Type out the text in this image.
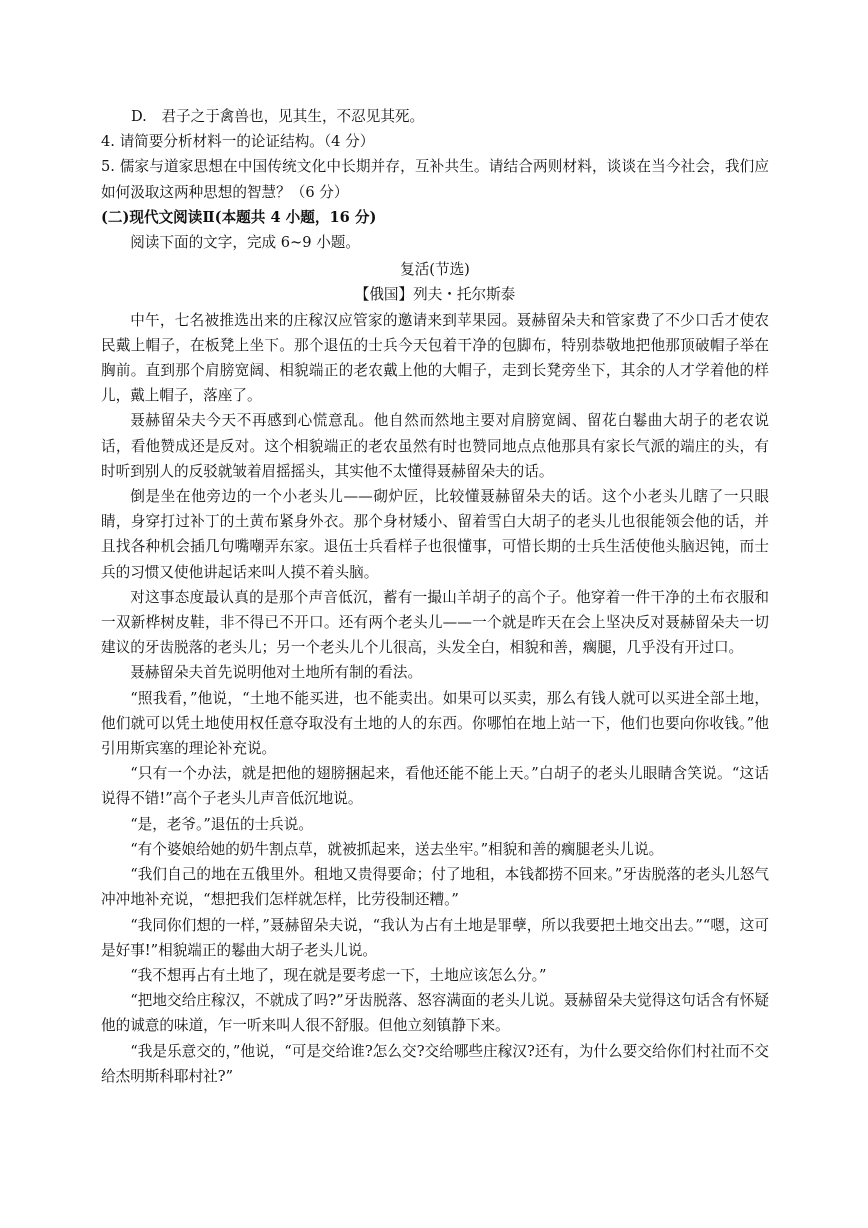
D.　君子之于禽兽也，见其生，不忍见其死。

4. 请简要分析材料一的论证结构。（4 分）

5. 儒家与道家思想在中国传统文化中长期并存，互补共生。请结合两则材料，谈谈在当今社会，我们应如何汲取这两种思想的智慧？（6 分）

(二)现代文阅读Ⅱ(本题共 4 小题，16 分)

阅读下面的文字，完成 6~9 小题。

复活(节选)

【俄国】列夫・托尔斯泰

中午，七名被推选出来的庄稼汉应管家的邀请来到苹果园。聂赫留朵夫和管家费了不少口舌才使农民戴上帽子，在板凳上坐下。那个退伍的士兵今天包着干净的包脚布，特别恭敬地把他那顶破帽子举在胸前。直到那个肩膀宽阔、相貌端正的老农戴上他的大帽子，走到长凳旁坐下，其余的人才学着他的样儿，戴上帽子，落座了。

聂赫留朵夫今天不再感到心慌意乱。他自然而然地主要对肩膀宽阔、留花白鬈曲大胡子的老农说话，看他赞成还是反对。这个相貌端正的老农虽然有时也赞同地点点他那具有家长气派的端庄的头，有时听到别人的反驳就皱着眉摇摇头，其实他不太懂得聂赫留朵夫的话。

倒是坐在他旁边的一个小老头儿——砌炉匠，比较懂聂赫留朵夫的话。这个小老头儿瞎了一只眼睛，身穿打过补丁的土黄布紧身外衣。那个身材矮小、留着雪白大胡子的老头儿也很能领会他的话，并且找各种机会插几句嘴嘲弄东家。退伍士兵看样子也很懂事，可惜长期的士兵生活使他头脑迟钝，而士兵的习惯又使他讲起话来叫人摸不着头脑。

对这事态度最认真的是那个声音低沉，蓄有一撮山羊胡子的高个子。他穿着一件干净的土布衣服和一双新桦树皮鞋，非不得已不开口。还有两个老头儿——一个就是昨天在会上坚决反对聂赫留朵夫一切建议的牙齿脱落的老头儿；另一个老头儿个儿很高，头发全白，相貌和善，瘸腿，几乎没有开过口。

聂赫留朵夫首先说明他对土地所有制的看法。

“照我看，”他说，“土地不能买进，也不能卖出。如果可以买卖，那么有钱人就可以买进全部土地，他们就可以凭土地使用权任意夺取没有土地的人的东西。你哪怕在地上站一下，他们也要向你收钱。”他引用斯宾塞的理论补充说。

“只有一个办法，就是把他的翅膀捆起来，看他还能不能上天。”白胡子的老头儿眼睛含笑说。“这话说得不错!”高个子老头儿声音低沉地说。

“是，老爷。”退伍的士兵说。

“有个婆娘给她的奶牛割点草，就被抓起来，送去坐牢。”相貌和善的瘸腿老头儿说。

“我们自己的地在五俄里外。租地又贵得要命；付了地租，本钱都捞不回来。”牙齿脱落的老头儿怒气冲冲地补充说，“想把我们怎样就怎样，比劳役制还糟。”

“我同你们想的一样，”聂赫留朵夫说，“我认为占有土地是罪孽，所以我要把土地交出去。”“嗯，这可是好事!”相貌端正的鬈曲大胡子老头儿说。

“我不想再占有土地了，现在就是要考虑一下，土地应该怎么分。”

“把地交给庄稼汉，不就成了吗?”牙齿脱落、怒容满面的老头儿说。聂赫留朵夫觉得这句话含有怀疑他的诚意的味道，乍一听来叫人很不舒服。但他立刻镇静下来。

“我是乐意交的，”他说，“可是交给谁?怎么交?交给哪些庄稼汉?还有，为什么要交给你们村社而不交给杰明斯科耶村社?”
